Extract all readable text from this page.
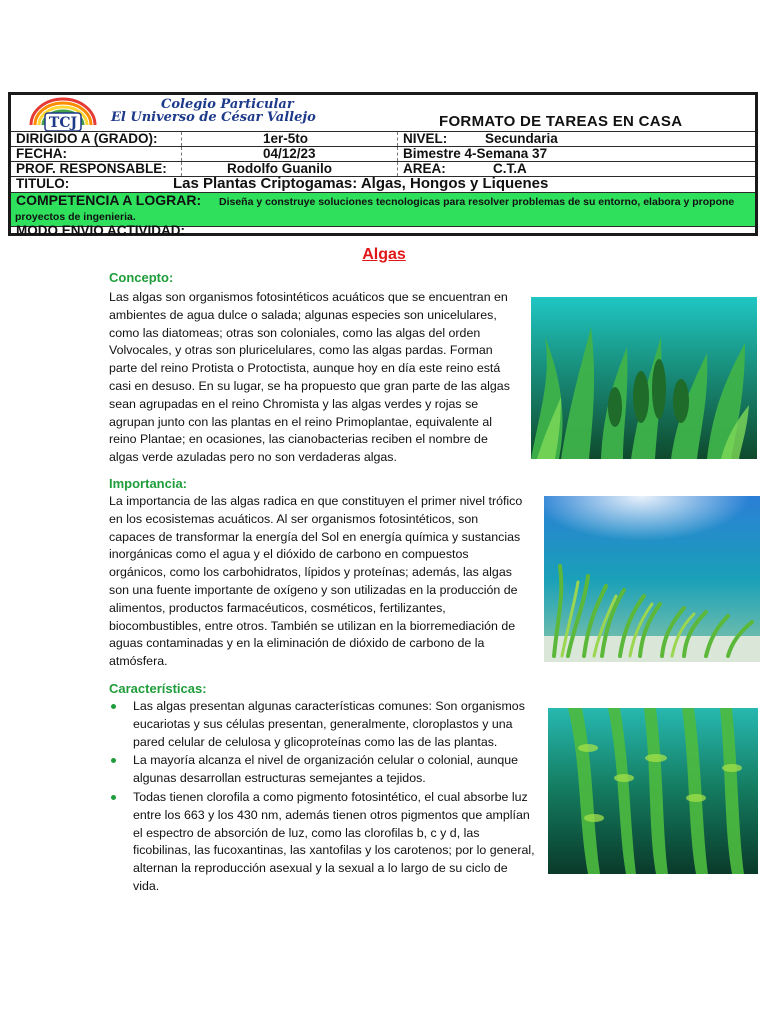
TCJ
Colegio Particular
El Universo de César Vallejo	FORMATO DE TAREAS EN CASA
DIRIGIDO A (GRADO):	1er-5to	NIVEL:	Secundaria
FECHA:	04/12/23	Bimestre 4-Semana 37
PROF. RESPONSABLE:	Rodolfo Guanilo	AREA:	C.T.A
TITULO:	Las Plantas Criptogamas: Algas, Hongos y Liquenes
COMPETENCIA A LOGRAR:	Diseña y construye soluciones tecnologicas para resolver problemas de su entorno, elabora y propone proyectos de ingenieria.
MODO ENVIO ACTIVIDAD:
Algas
Concepto:
Las algas son organismos fotosintéticos acuáticos que se encuentran en ambientes de agua dulce o salada; algunas especies son unicelulares, como las diatomeas; otras son coloniales, como las algas del orden Volvocales, y otras son pluricelulares, como las algas pardas. Forman parte del reino Protista o Protoctista, aunque hoy en día este reino está casi en desuso. En su lugar, se ha propuesto que gran parte de las algas sean agrupadas en el reino Chromista y las algas verdes y rojas se agrupan junto con las plantas en el reino Primoplantae, equivalente al reino Plantae; en ocasiones, las cianobacterias reciben el nombre de algas verde azuladas pero no son verdaderas algas.
Importancia:
La importancia de las algas radica en que constituyen el primer nivel trófico en los ecosistemas acuáticos. Al ser organismos fotosintéticos, son capaces de transformar la energía del Sol en energía química y sustancias inorgánicas como el agua y el dióxido de carbono en compuestos orgánicos, como los carbohidratos, lípidos y proteínas; además, las algas son una fuente importante de oxígeno y son utilizadas en la producción de alimentos, productos farmacéuticos, cosméticos, fertilizantes, biocombustibles, entre otros. También se utilizan en la biorremediación de aguas contaminadas y en la eliminación de dióxido de carbono de la atmósfera.
Características:
Las algas presentan algunas características comunes: Son organismos eucariotas y sus células presentan, generalmente, cloroplastos y una pared celular de celulosa y glicoproteínas como las de las plantas.
La mayoría alcanza el nivel de organización celular o colonial, aunque algunas desarrollan estructuras semejantes a tejidos.
Todas tienen clorofila a como pigmento fotosintético, el cual absorbe luz entre los 663 y los 430 nm, además tienen otros pigmentos que amplían el espectro de absorción de luz, como las clorofilas b, c y d, las ficobilinas, las fucoxantinas, las xantofilas y los carotenos; por lo general, alternan la reproducción asexual y la sexual a lo largo de su ciclo de vida.
